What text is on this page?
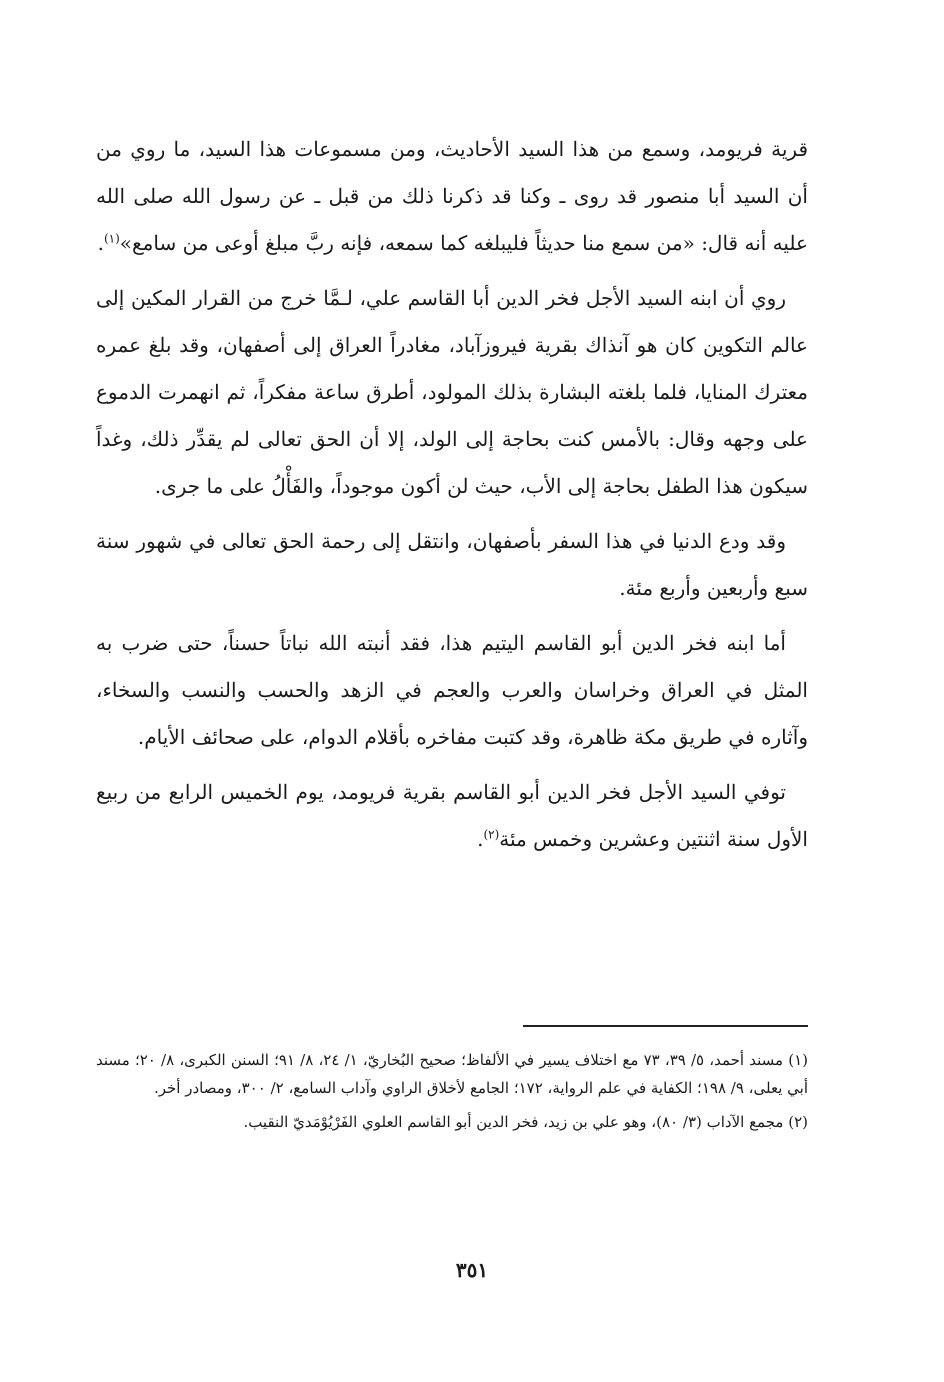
قرية فريومد، وسمع من هذا السيد الأحاديث، ومن مسموعات هذا السيد، ما روي من أن السيد أبا منصور قد روى ـ وكنا قد ذكرنا ذلك من قبل ـ عن رسول الله صلى الله عليه أنه قال: «من سمع منا حديثاً فليبلغه كما سمعه، فإنه ربَّ مبلغ أوعى من سامع»$^{(١)}$.

روي أن ابنه السيد الأجل فخر الدين أبا القاسم علي، لـمَّا خرج من القرار المكين إلى عالم التكوين كان هو آنذاك بقرية فيروزآباد، مغادراً العراق إلى أصفهان، وقد بلغ عمره معترك المنايا، فلما بلغته البشارة بذلك المولود، أطرق ساعة مفكراً، ثم انهمرت الدموع على وجهه وقال: بالأمس كنت بحاجة إلى الولد، إلا أن الحق تعالى لم يقدِّر ذلك، وغداً سيكون هذا الطفل بحاجة إلى الأب، حيث لن أكون موجوداً، والفَأْلُ على ما جرى.

وقد ودع الدنيا في هذا السفر بأصفهان، وانتقل إلى رحمة الحق تعالى في شهور سنة سبع وأربعين وأربع مئة.

أما ابنه فخر الدين أبو القاسم اليتيم هذا، فقد أنبته الله نباتاً حسناً، حتى ضرب به المثل في العراق وخراسان والعرب والعجم في الزهد والحسب والنسب والسخاء، وآثاره في طريق مكة ظاهرة، وقد كتبت مفاخره بأقلام الدوام، على صحائف الأيام.

توفي السيد الأجل فخر الدين أبو القاسم بقرية فريومد، يوم الخميس الرابع من ربيع الأول سنة اثنتين وعشرين وخمس مئة$^{(٢)}$.

(١) مسند أحمد، ٥/ ٣٩، ٧٣ مع اختلاف يسير في الألفاظ؛ صحيح البُخاريّ، ١/ ٢٤، ٨/ ٩١؛ السنن الكبرى، ٨/ ٢٠؛ مسند أبي يعلى، ٩/ ١٩٨؛ الكفاية في علم الرواية، ١٧٢؛ الجامع لأخلاق الراوي وآداب السامع، ٢/ ٣٠٠، ومصادر أخر.

(٢) مجمع الآداب (٣/ ٨٠)، وهو علي بن زيد، فخر الدين أبو القاسم العلوي الفَرْيُوْمَديّ النقيب.

٣٥١
